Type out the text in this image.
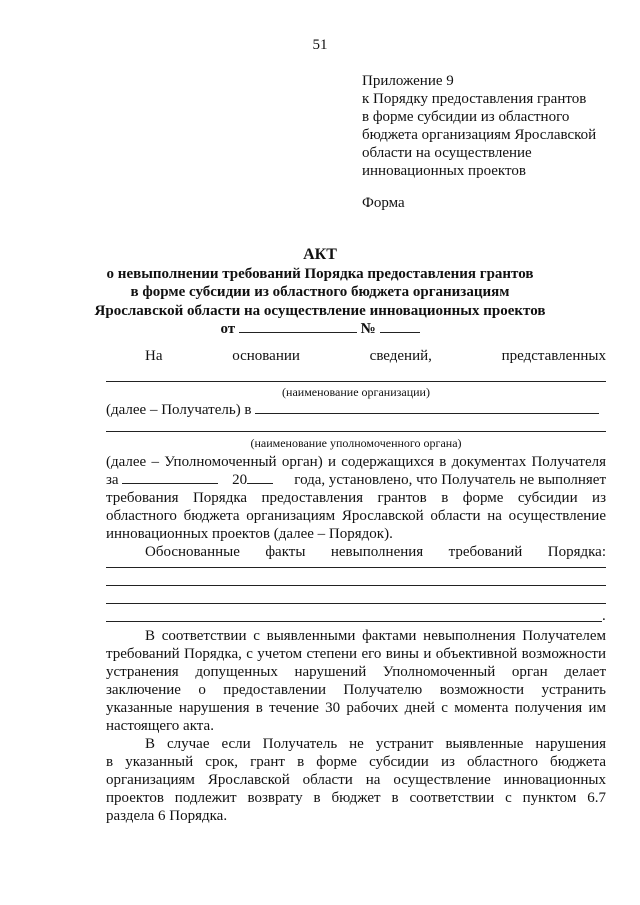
51
Приложение 9
к Порядку предоставления грантов
в форме субсидии из областного
бюджета организациям Ярославской
области на осуществление
инновационных проектов
Форма
АКТ
о невыполнении требований Порядка предоставления грантов
в форме субсидии из областного бюджета организациям
Ярославской области на осуществление инновационных проектов
от	№
На	основании	сведений,	представленных
(наименование организации)
(далее – Получатель) в
(наименование уполномоченного органа)
(далее – Уполномоченный орган) и содержащихся в документах Получателя
за	20	года, установлено, что Получатель не выполняет
требования Порядка предоставления грантов в форме субсидии из
областного бюджета организациям Ярославской области на осуществление
инновационных проектов (далее – Порядок).
Обоснованные факты невыполнения требований Порядка:
.
В соответствии с выявленными фактами невыполнения Получателем
требований Порядка, с учетом степени его вины и объективной возможности
устранения допущенных нарушений Уполномоченный орган делает
заключение о предоставлении Получателю возможности устранить
указанные нарушения в течение 30 рабочих дней с момента получения им
настоящего акта.
В случае если Получатель не устранит выявленные нарушения
в указанный срок, грант в форме субсидии из областного бюджета
организациям Ярославской области на осуществление инновационных
проектов подлежит возврату в бюджет в соответствии с пунктом 6.7
раздела 6 Порядка.
